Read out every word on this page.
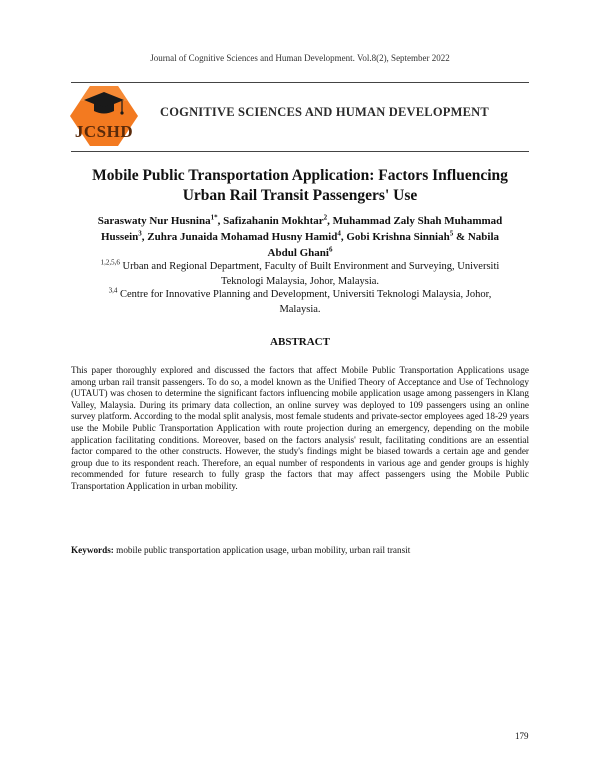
Journal of Cognitive Sciences and Human Development. Vol.8(2), September 2022
JCSHD
COGNITIVE SCIENCES AND HUMAN DEVELOPMENT
Mobile Public Transportation Application: Factors Influencing
Urban Rail Transit Passengers' Use
Saraswaty Nur Husnina$^{1*}$, Safizahanin Mokhtar$^2$, Muhammad Zaly Shah Muhammad
Hussein$^3$, Zuhra Junaida Mohamad Husny Hamid$^4$, Gobi Krishna Sinniah$^5$ & Nabila
Abdul Ghani$^6$
$^{1,2,5,6}$ Urban and Regional Department, Faculty of Built Environment and Surveying, Universiti
Teknologi Malaysia, Johor, Malaysia.
$^{3,4}$ Centre for Innovative Planning and Development, Universiti Teknologi Malaysia, Johor,
Malaysia.
ABSTRACT
This paper thoroughly explored and discussed the factors that affect Mobile Public Transportation Applications usage among urban rail transit passengers. To do so, a model known as the Unified Theory of Acceptance and Use of Technology (UTAUT) was chosen to determine the significant factors influencing mobile application usage among passengers in Klang Valley, Malaysia. During its primary data collection, an online survey was deployed to 109 passengers using an online survey platform. According to the modal split analysis, most female students and private-sector employees aged 18-29 years use the Mobile Public Transportation Application with route projection during an emergency, depending on the mobile application facilitating conditions. Moreover, based on the factors analysis' result, facilitating conditions are an essential factor compared to the other constructs. However, the study's findings might be biased towards a certain age and gender group due to its respondent reach. Therefore, an equal number of respondents in various age and gender groups is highly recommended for future research to fully grasp the factors that may affect passengers using the Mobile Public Transportation Application in urban mobility.
Keywords: mobile public transportation application usage, urban mobility, urban rail transit
179
